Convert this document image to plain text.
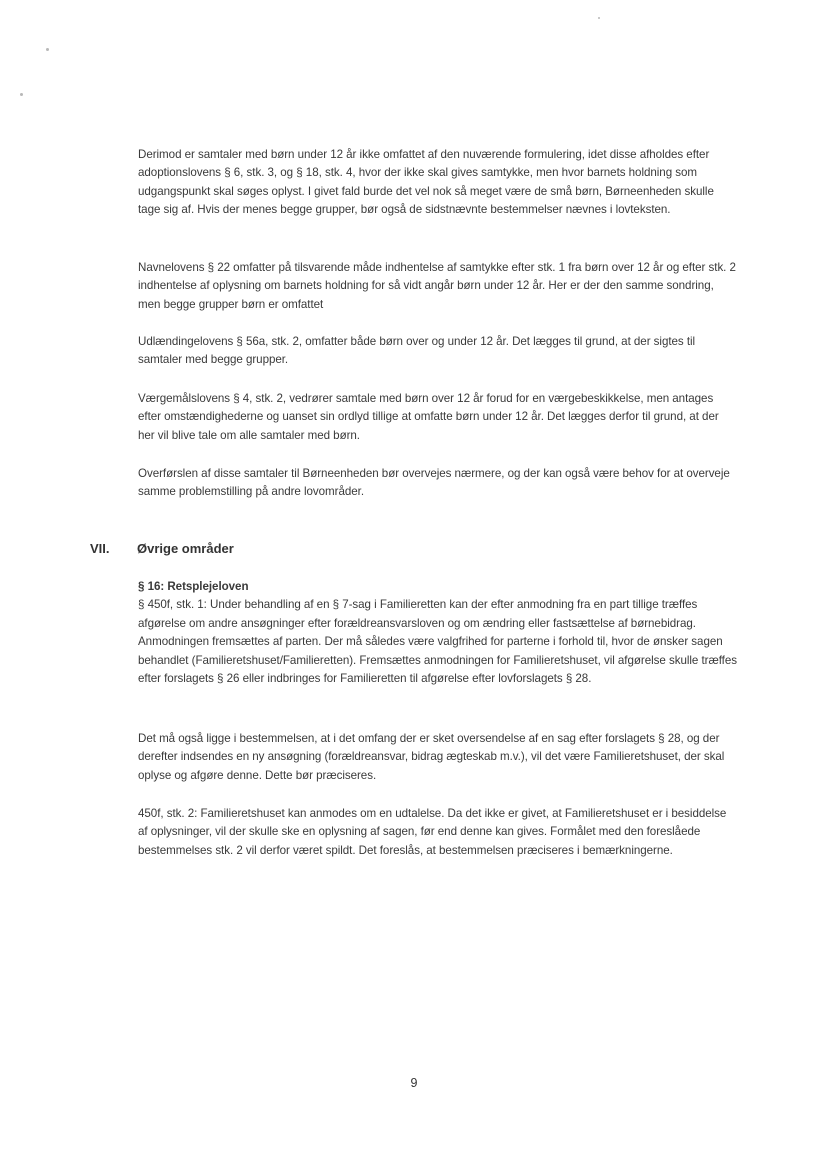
Derimod er samtaler med børn under 12 år ikke omfattet af den nuværende formulering, idet disse afholdes efter adoptionslovens § 6, stk. 3, og § 18, stk. 4, hvor der ikke skal gives samtykke, men hvor barnets holdning som udgangspunkt skal søges oplyst. I givet fald burde det vel nok så meget være de små børn, Børneenheden skulle tage sig af. Hvis der menes begge grupper, bør også de sidstnævnte bestemmelser nævnes i lovteksten.

Navnelovens § 22 omfatter på tilsvarende måde indhentelse af samtykke efter stk. 1 fra børn over 12 år og efter stk. 2 indhentelse af oplysning om barnets holdning for så vidt angår børn under 12 år. Her er der den samme sondring, men begge grupper børn er omfattet

Udlændingelovens § 56a, stk. 2, omfatter både børn over og under 12 år. Det lægges til grund, at der sigtes til samtaler med begge grupper.

Værgemålslovens § 4, stk. 2, vedrører samtale med børn over 12 år forud for en værgebeskikkelse, men antages efter omstændighederne og uanset sin ordlyd tillige at omfatte børn under 12 år. Det lægges derfor til grund, at der her vil blive tale om alle samtaler med børn.

Overførslen af disse samtaler til Børneenheden bør overvejes nærmere, og der kan også være behov for at overveje samme problemstilling på andre lovområder.

VII. Øvrige områder

§ 16: Retsplejeloven

§ 450f, stk. 1: Under behandling af en § 7-sag i Familieretten kan der efter anmodning fra en part tillige træffes afgørelse om andre ansøgninger efter forældreansvarsloven og om ændring eller fastsættelse af børnebidrag. Anmodningen fremsættes af parten. Der må således være valgfrihed for parterne i forhold til, hvor de ønsker sagen behandlet (Familieretshuset/Familieretten). Fremsættes anmodningen for Familieretshuset, vil afgørelse skulle træffes efter forslagets § 26 eller indbringes for Familieretten til afgørelse efter lovforslagets § 28.

Det må også ligge i bestemmelsen, at i det omfang der er sket oversendelse af en sag efter forslagets § 28, og der derefter indsendes en ny ansøgning (forældreansvar, bidrag ægteskab m.v.), vil det være Familieretshuset, der skal oplyse og afgøre denne. Dette bør præciseres.

450f, stk. 2: Familieretshuset kan anmodes om en udtalelse. Da det ikke er givet, at Familieretshuset er i besiddelse af oplysninger, vil der skulle ske en oplysning af sagen, før end denne kan gives. Formålet med den foreslåede bestemmelses stk. 2 vil derfor været spildt. Det foreslås, at bestemmelsen præciseres i bemærkningerne.

9
